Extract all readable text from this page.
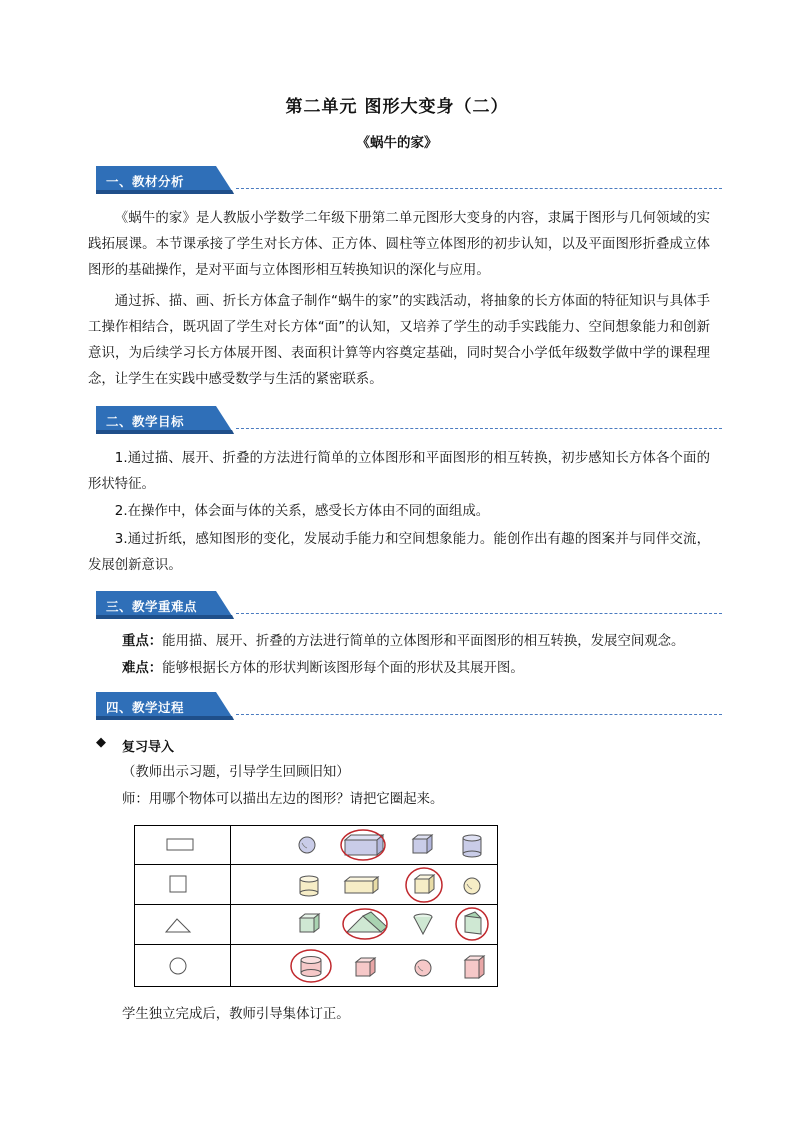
第二单元 图形大变身（二）
《蜗牛的家》
一、教材分析
《蜗牛的家》是人教版小学数学二年级下册第二单元图形大变身的内容，隶属于图形与几何领域的实践拓展课。本节课承接了学生对长方体、正方体、圆柱等立体图形的初步认知，以及平面图形折叠成立体图形的基础操作，是对平面与立体图形相互转换知识的深化与应用。
通过拆、描、画、折长方体盒子制作“蜗牛的家”的实践活动，将抽象的长方体面的特征知识与具体手工操作相结合，既巩固了学生对长方体“面”的认知，又培养了学生的动手实践能力、空间想象能力和创新意识，为后续学习长方体展开图、表面积计算等内容奠定基础，同时契合小学低年级数学做中学的课程理念，让学生在实践中感受数学与生活的紧密联系。
二、教学目标
1.通过描、展开、折叠的方法进行简单的立体图形和平面图形的相互转换，初步感知长方体各个面的形状特征。
2.在操作中，体会面与体的关系，感受长方体由不同的面组成。
3.通过折纸，感知图形的变化，发展动手能力和空间想象能力。能创作出有趣的图案并与同伴交流，发展创新意识。
三、教学重难点
重点：能用描、展开、折叠的方法进行简单的立体图形和平面图形的相互转换，发展空间观念。
难点：能够根据长方体的形状判断该图形每个面的形状及其展开图。
四、教学过程
◆ 复习导入
（教师出示习题，引导学生回顾旧知）
师：用哪个物体可以描出左边的图形？请把它圈起来。
学生独立完成后，教师引导集体订正。
